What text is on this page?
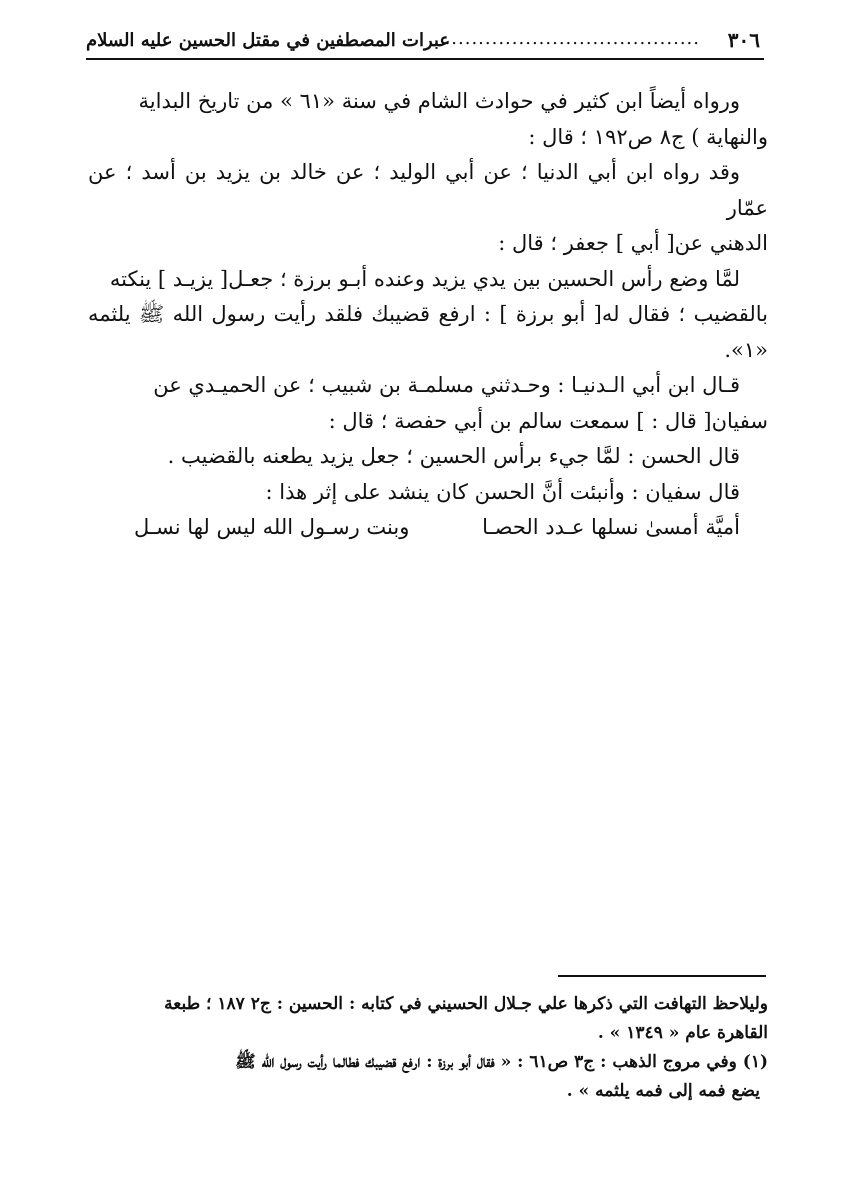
٣٠٦
......................................
عبرات المصطفين في مقتل الحسين عليه السلام

ورواه أيضاً ابن كثير في حوادث الشام في سنة «٦١ » من تاريخ البداية

والنهاية ) ج٨ ص١٩٢ ؛ قال :

وقد رواه ابن أبي الدنيا ؛ عن أبي الوليد ؛ عن خالد بن يزيد بن أسد ؛ عن عمّار

الدهني عن[ أبي ] جعفر ؛ قال :

لمَّا وضع رأس الحسين بين يدي يزيد وعنده أبـو برزة ؛ جعـل[ يزيـد ] ينكته

بالقضيب ؛ فقال له[ أبو برزة ] : ارفع قضيبك فلقد رأيت رسول الله ﷺ يلثمه «١».

قـال ابن أبي الـدنيـا : وحـدثني مسلمـة بن شبيب ؛ عن الحميـدي عن

سفيان[ قال : ] سمعت سالم بن أبي حفصة ؛ قال :

قال الحسن : لمَّا جيء برأس الحسين ؛ جعل يزيد يطعنه بالقضيب .

قال سفيان : وأنبئت أنَّ الحسن كان ينشد على إثر هذا :

أميَّة أمسىٰ نسلها عـدد الحصـا
وبنت رسـول الله ليس لها نسـل

وليلاحظ التهافت التي ذكرها علي جـلال الحسيني في كتابه : الحسين : ج٢ ١٨٧ ؛ طبعة

القاهرة عام « ١٣٤٩ » .

(١) وفي مروج الذهب : ج٣ ص٦١ : « فقال أبو برزة : ارفع قضيبك فطالما رأيت رسول الله ﷺ

يضع فمه إلى فمه يلثمه » .
